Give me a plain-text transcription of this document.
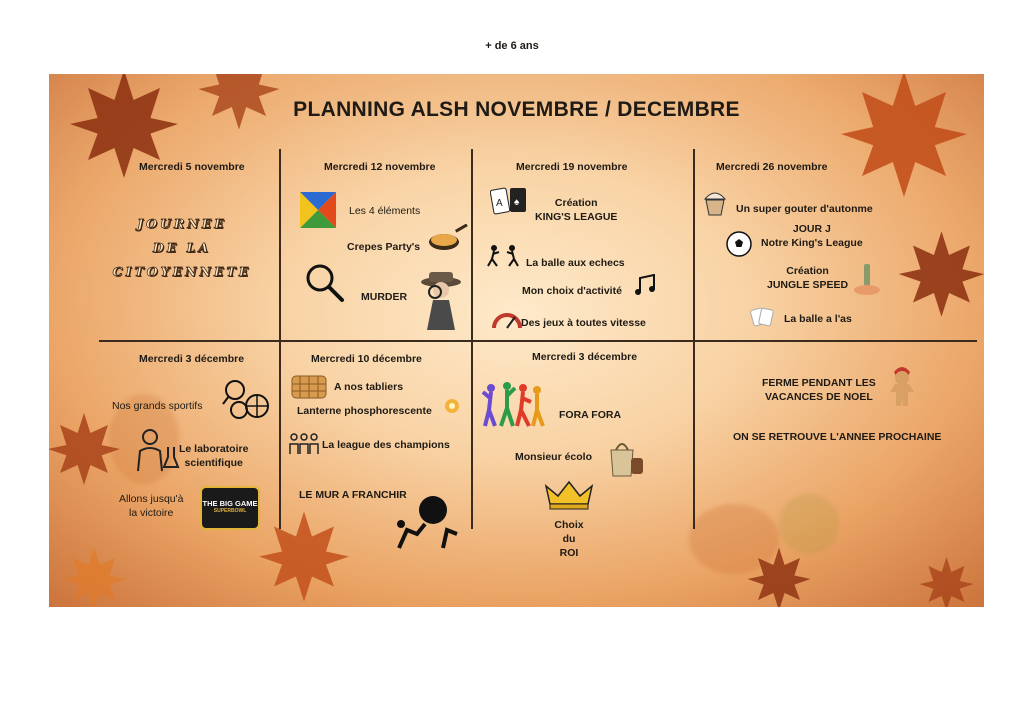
+ de 6 ans
PLANNING ALSH NOVEMBRE / DECEMBRE
Mercredi 5 novembre
JOURNEE
DE LA
CITOYENNETE
Mercredi 12 novembre
Les 4 éléments
Crepes Party's
MURDER
Mercredi 19 novembre
A ♠	Création
KING'S LEAGUE
La balle aux echecs
Mon choix d'activité
Des jeux à toutes vitesse
Mercredi 26 novembre
Un super gouter d'autonme
JOUR J
Notre King's League
Création
JUNGLE SPEED
La balle a l'as
Mercredi 3 décembre
Nos grands sportifs
Le laboratoire
scientifique
Allons jusqu'à
la victoire
THE BIG GAME
SUPERBOWL
Mercredi 10 décembre
A nos tabliers
Lanterne phosphorescente
La league des champions
LE MUR A FRANCHIR
Mercredi 3 décembre
FORA FORA
Monsieur écolo
Choix
du
ROI
FERME PENDANT LES
VACANCES DE NOEL
ON SE RETROUVE L'ANNEE PROCHAINE
